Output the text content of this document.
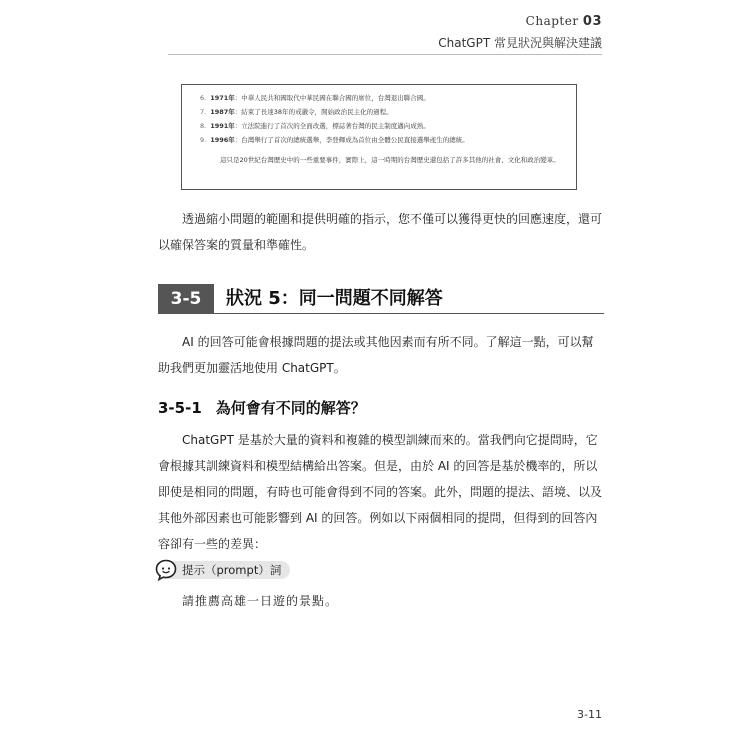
Chapter 03
ChatGPT 常見狀況與解決建議
6. 1971年：中華人民共和國取代中華民國在聯合國的席位，台灣退出聯合國。
7. 1987年：結束了長達38年的戒嚴令，開始政治民主化的過程。
8. 1991年：立法院進行了首次的全面改選，標誌著台灣的民主制度邁向成熟。
9. 1996年：台灣舉行了首次的總統選舉，李登輝成為首位由全體公民直接選舉產生的總統。
這只是20世紀台灣歷史中的一些重要事件，實際上，這一時期的台灣歷史還包括了許多其他的社會、文化和政治變革。
透過縮小問題的範圍和提供明確的指示，您不僅可以獲得更快的回應速度，還可以確保答案的質量和準確性。
3-5	狀況 5：同一問題不同解答
AI 的回答可能會根據問題的提法或其他因素而有所不同。了解這一點，可以幫助我們更加靈活地使用 ChatGPT。
3-5-1 為何會有不同的解答？
ChatGPT 是基於大量的資料和複雜的模型訓練而來的。當我們向它提問時，它會根據其訓練資料和模型結構給出答案。但是，由於 AI 的回答是基於機率的，所以即使是相同的問題，有時也可能會得到不同的答案。此外，問題的提法、語境、以及其他外部因素也可能影響到 AI 的回答。例如以下兩個相同的提問，但得到的回答內容卻有一些的差異：
提示（prompt）詞
請推薦高雄一日遊的景點。
3-11
